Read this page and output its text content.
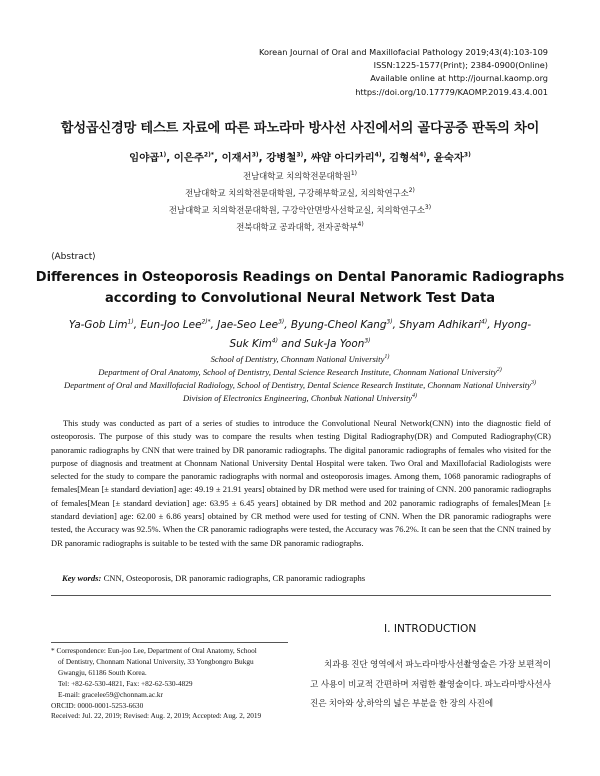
Korean Journal of Oral and Maxillofacial Pathology 2019;43(4):103-109
ISSN:1225-1577(Print); 2384-0900(Online)
Available online at http://journal.kaomp.org
https://doi.org/10.17779/KAOMP.2019.43.4.001
합성곱신경망 테스트 자료에 따른 파노라마 방사선 사진에서의 골다공증 판독의 차이
임야곱$^{1)}$, 이은주$^{2)*}$, 이재서$^{3)}$, 강병철$^{3)}$, 쌰얌 아디카리$^{4)}$, 김형석$^{4)}$, 윤숙자$^{3)}$
전남대학교 치의학전문대학원$^{1)}$
전남대학교 치의학전문대학원, 구강해부학교실, 치의학연구소$^{2)}$
전남대학교 치의학전문대학원, 구강악안면방사선학교실, 치의학연구소$^{3)}$
전북대학교 공과대학, 전자공학부$^{4)}$
⟨Abstract⟩
Differences in Osteoporosis Readings on Dental Panoramic Radiographs according to Convolutional Neural Network Test Data
Ya-Gob Lim$^{1)}$, Eun-Joo Lee$^{2)*}$, Jae-Seo Lee$^{3)}$, Byung-Cheol Kang$^{3)}$, Shyam Adhikari$^{4)}$, Hyong-Suk Kim$^{4)}$ and Suk-Ja Yoon$^{3)}$
School of Dentistry, Chonnam National University$^{1)}$
Department of Oral Anatomy, School of Dentistry, Dental Science Research Institute, Chonnam National University$^{2)}$
Department of Oral and Maxillofacial Radiology, School of Dentistry, Dental Science Research Institute, Chonnam National University$^{3)}$
Division of Electronics Engineering, Chonbuk National University$^{4)}$
This study was conducted as part of a series of studies to introduce the Convolutional Neural Network(CNN) into the diagnostic field of osteoporosis. The purpose of this study was to compare the results when testing Digital Radiography(DR) and Computed Radiography(CR) panoramic radiographs by CNN that were trained by DR panoramic radiographs. The digital panoramic radiographs of females who visited for the purpose of diagnosis and treatment at Chonnam National University Dental Hospital were taken. Two Oral and Maxillofacial Radiologists were selected for the study to compare the panoramic radiographs with normal and osteoporosis images. Among them, 1068 panoramic radiographs of females[Mean [± standard deviation] age: 49.19 ± 21.91 years] obtained by DR method were used for training of CNN. 200 panoramic radiographs of females[Mean [± standard deviation] age: 63.95 ± 6.45 years] obtained by DR method and 202 panoramic radiographs of females[Mean [± standard deviation] age: 62.00 ± 6.86 years] obtained by CR method were used for testing of CNN. When the DR panoramic radiographs were tested, the Accuracy was 92.5%. When the CR panoramic radiographs were tested, the Accuracy was 76.2%. It can be seen that the CNN trained by DR panoramic radiographs is suitable to be tested with the same DR panoramic radiographs.
Key words: CNN, Osteoporosis, DR panoramic radiographs, CR panoramic radiographs
* Correspondence: Eun-joo Lee, Department of Oral Anatomy, School
of Dentistry, Chonnam National University, 33 Yongbongro Bukgu
Gwangju, 61186 South Korea.
Tel: +82-62-530-4821, Fax: +82-62-530-4829
E-mail: gracelee59@chonnam.ac.kr
ORCID: 0000-0001-5253-6630
Received: Jul. 22, 2019; Revised: Aug. 2, 2019; Accepted: Aug. 2, 2019
Ⅰ. INTRODUCTION
치과용 진단 영역에서 파노라마방사선촬영술은 가장 보편적이고 사용이 비교적 간편하며 저렴한 촬영술이다. 파노라마방사선사진은 치아와 상,하악의 넓은 부분을 한 장의 사진에
